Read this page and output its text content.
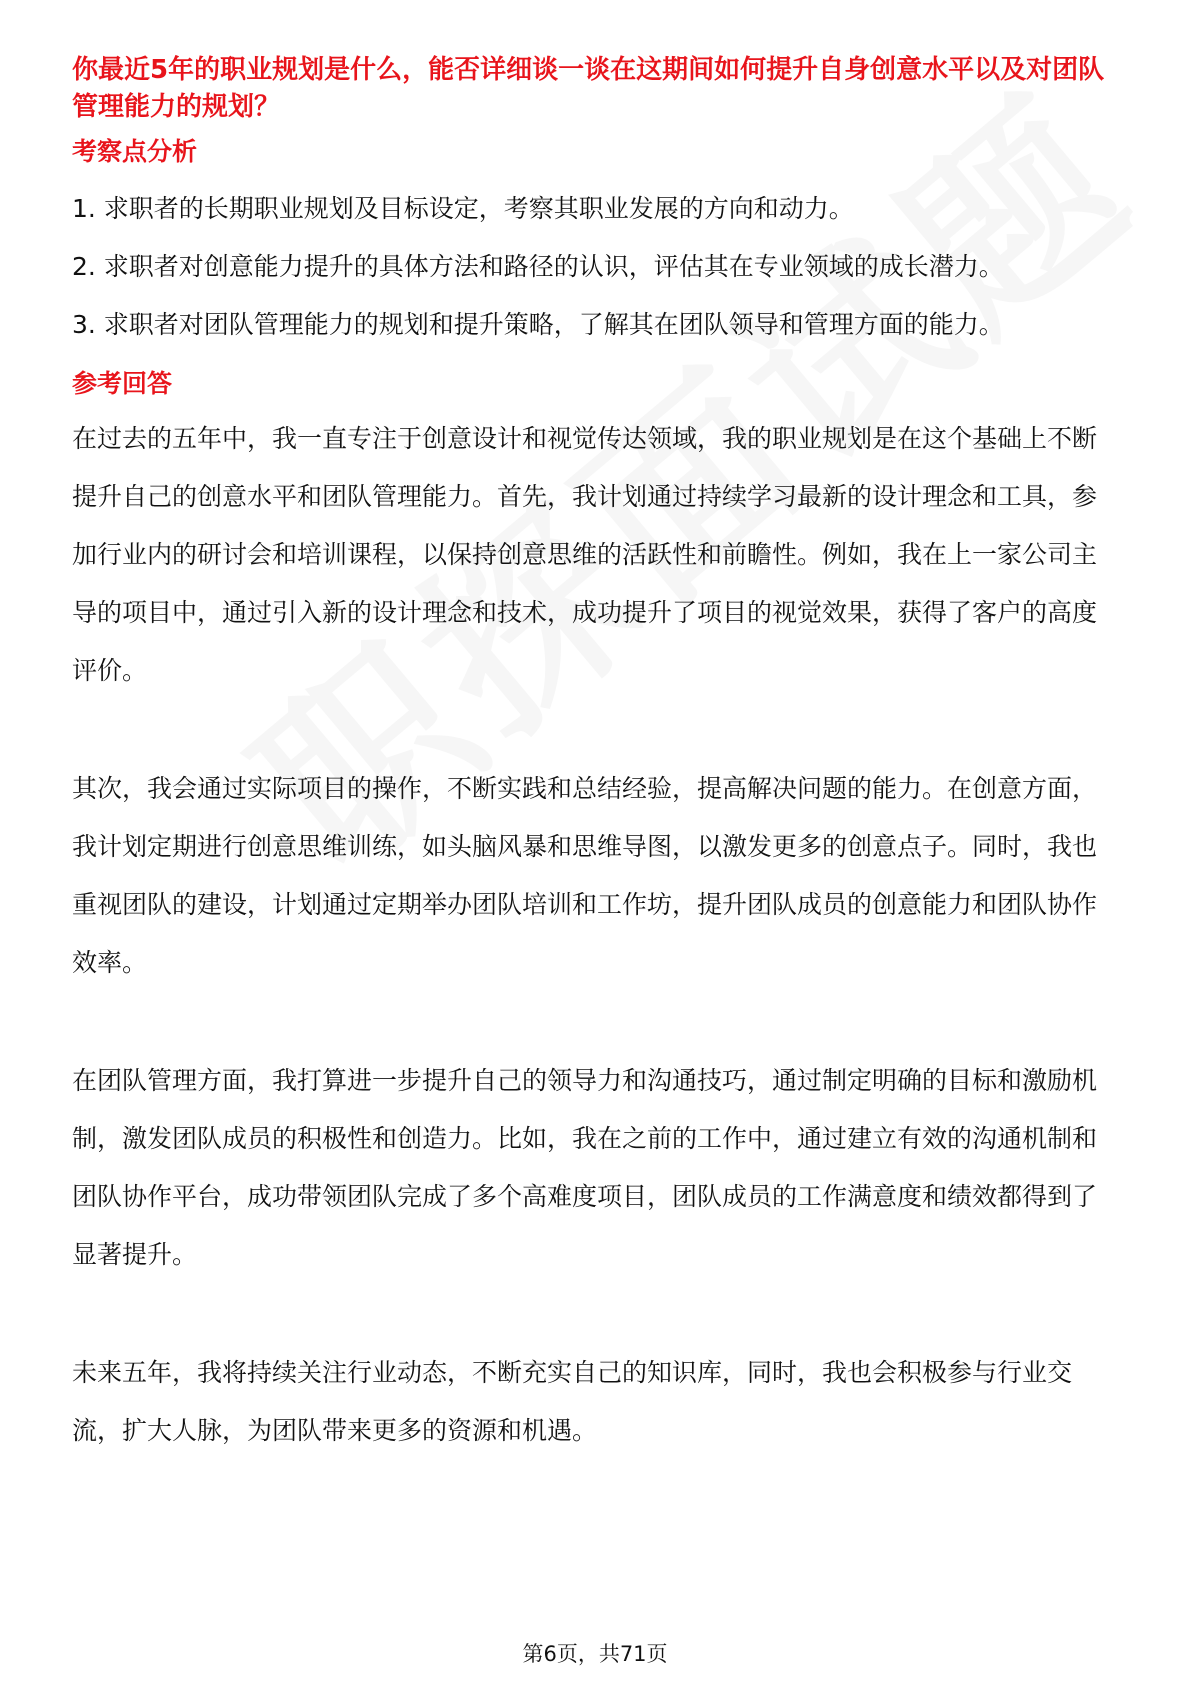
你最近5年的职业规划是什么，能否详细谈一谈在这期间如何提升自身创意水平以及对团队管理能力的规划？
考察点分析
1. 求职者的长期职业规划及目标设定，考察其职业发展的方向和动力。
2. 求职者对创意能力提升的具体方法和路径的认识，评估其在专业领域的成长潜力。
3. 求职者对团队管理能力的规划和提升策略，了解其在团队领导和管理方面的能力。
参考回答

在过去的五年中，我一直专注于创意设计和视觉传达领域，我的职业规划是在这个基础上不断提升自己的创意水平和团队管理能力。首先，我计划通过持续学习最新的设计理念和工具，参加行业内的研讨会和培训课程，以保持创意思维的活跃性和前瞻性。例如，我在上一家公司主导的项目中，通过引入新的设计理念和技术，成功提升了项目的视觉效果，获得了客户的高度评价。

其次，我会通过实际项目的操作，不断实践和总结经验，提高解决问题的能力。在创意方面，我计划定期进行创意思维训练，如头脑风暴和思维导图，以激发更多的创意点子。同时，我也重视团队的建设，计划通过定期举办团队培训和工作坊，提升团队成员的创意能力和团队协作效率。

在团队管理方面，我打算进一步提升自己的领导力和沟通技巧，通过制定明确的目标和激励机制，激发团队成员的积极性和创造力。比如，我在之前的工作中，通过建立有效的沟通机制和团队协作平台，成功带领团队完成了多个高难度项目，团队成员的工作满意度和绩效都得到了显著提升。

未来五年，我将持续关注行业动态，不断充实自己的知识库，同时，我也会积极参与行业交流，扩大人脉，为团队带来更多的资源和机遇。

第6页，共71页
